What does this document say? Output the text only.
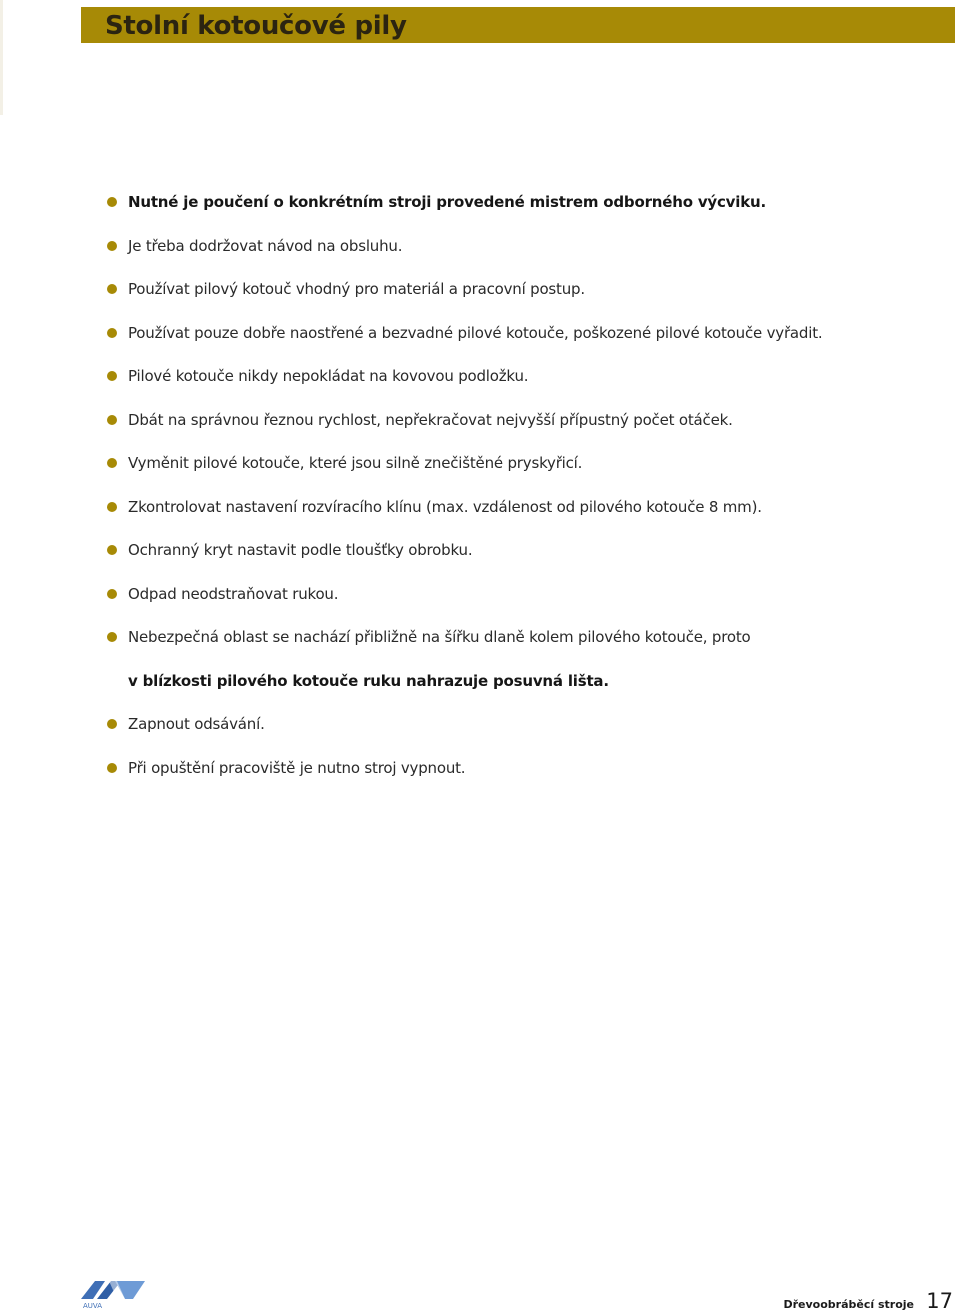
Stolní kotoučové pily
Nutné je poučení o konkrétním stroji provedené mistrem odborného výcviku.
Je třeba dodržovat návod na obsluhu.
Používat pilový kotouč vhodný pro materiál a pracovní postup.
Používat pouze dobře naostřené a bezvadné pilové kotouče, poškozené pilové kotouče vyřadit.
Pilové kotouče nikdy nepokládat na kovovou podložku.
Dbát na správnou řeznou rychlost, nepřekračovat nejvyšší přípustný počet otáček.
Vyměnit pilové kotouče, které jsou silně znečištěné pryskyřicí.
Zkontrolovat nastavení rozvíracího klínu (max. vzdálenost od pilového kotouče 8 mm).
Ochranný kryt nastavit podle tloušťky obrobku.
Odpad neodstraňovat rukou.
Nebezpečná oblast se nachází přibližně na šířku dlaně kolem pilového kotouče, proto
v blízkosti pilového kotouče ruku nahrazuje posuvná lišta.
Zapnout odsávání.
Při opuštění pracoviště je nutno stroj vypnout.
AUVA	Dřevoobráběcí stroje 17
